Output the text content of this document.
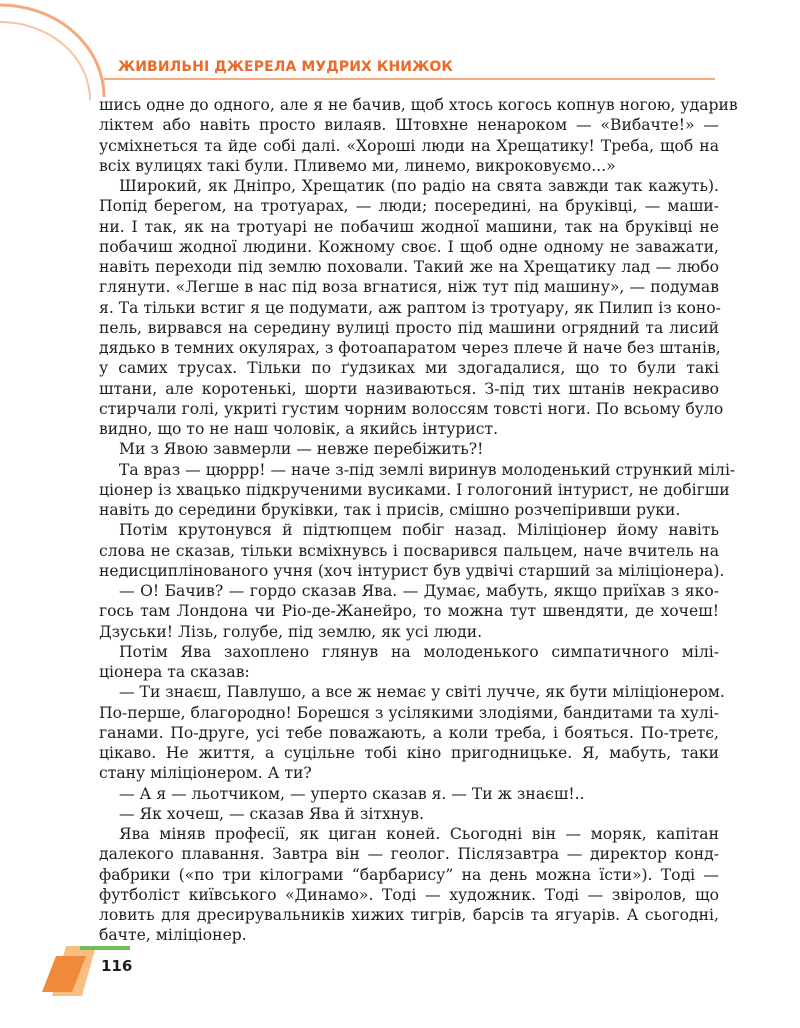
ЖИВИЛЬНІ ДЖЕРЕЛА МУДРИХ КНИЖОК
шись одне до одного, але я не бачив, щоб хтось когось копнув ногою, ударив
ліктем або навіть просто вилаяв. Штовхне ненароком — «Вибачте!» —
усміхнеться та йде собі далі. «Хороші люди на Хрещатику! Треба, щоб на
всіх вулицях такі були. Пливемо ми, линемо, викроковуємо...»
Широкий, як Дніпро, Хрещатик (по радіо на свята завжди так кажуть).
Попід берегом, на тротуарах, — люди; посередині, на бруківці, — маши-
ни. І так, як на тротуарі не побачиш жодної машини, так на бруківці не
побачиш жодної людини. Кожному своє. І щоб одне одному не заважати,
навіть переходи під землю поховали. Такий же на Хрещатику лад — любо
глянути. «Легше в нас під воза вгнатися, ніж тут під машину», — подумав
я. Та тільки встиг я це подумати, аж раптом із тротуару, як Пилип із коно-
пель, вирвався на середину вулиці просто під машини огрядний та лисий
дядько в темних окулярах, з фотоапаратом через плече й наче без штанів,
у самих трусах. Тільки по ґудзиках ми здогадалися, що то були такі
штани, але коротенькі, шорти називаються. З-під тих штанів некрасиво
стирчали голі, укриті густим чорним волоссям товсті ноги. По всьому було
видно, що то не наш чоловік, а якийсь інтурист.
Ми з Явою завмерли — невже перебіжить?!
Та враз — цюррр! — наче з-під землі виринув молоденький стрункий мілі-
ціонер із хвацько підкрученими вусиками. І гологоний інтурист, не добігши
навіть до середини бруківки, так і присів, смішно розчепіривши руки.
Потім крутонувся й підтюпцем побіг назад. Міліціонер йому навіть
слова не сказав, тільки всміхнувсь і посварився пальцем, наче вчитель на
недисциплінованого учня (хоч інтурист був удвічі старший за міліціонера).
— О! Бачив? — гордо сказав Ява. — Думає, мабуть, якщо приїхав з яко-
гось там Лондона чи Ріо-де-Жанейро, то можна тут швендяти, де хочеш!
Дзуськи! Лізь, голубе, під землю, як усі люди.
Потім Ява захоплено глянув на молоденького симпатичного мілі-
ціонера та сказав:
— Ти знаєш, Павлушо, а все ж немає у світі лучче, як бути міліціонером.
По-перше, благородно! Борешся з усілякими злодіями, бандитами та хулі-
ганами. По-друге, усі тебе поважають, а коли треба, і бояться. По-третє,
цікаво. Не життя, а суцільне тобі кіно пригодницьке. Я, мабуть, таки
стану міліціонером. А ти?
— А я — льотчиком, — уперто сказав я. — Ти ж знаєш!..
— Як хочеш, — сказав Ява й зітхнув.
Ява міняв професії, як циган коней. Сьогодні він — моряк, капітан
далекого плавання. Завтра він — геолог. Післязавтра — директор конд-
фабрики («по три кілограми “барбарису” на день можна їсти»). Тоді —
футболіст київського «Динамо». Тоді — художник. Тоді — звіролов, що
ловить для дресирувальників хижих тигрів, барсів та ягуарів. А сьогодні,
бачте, міліціонер.
116
